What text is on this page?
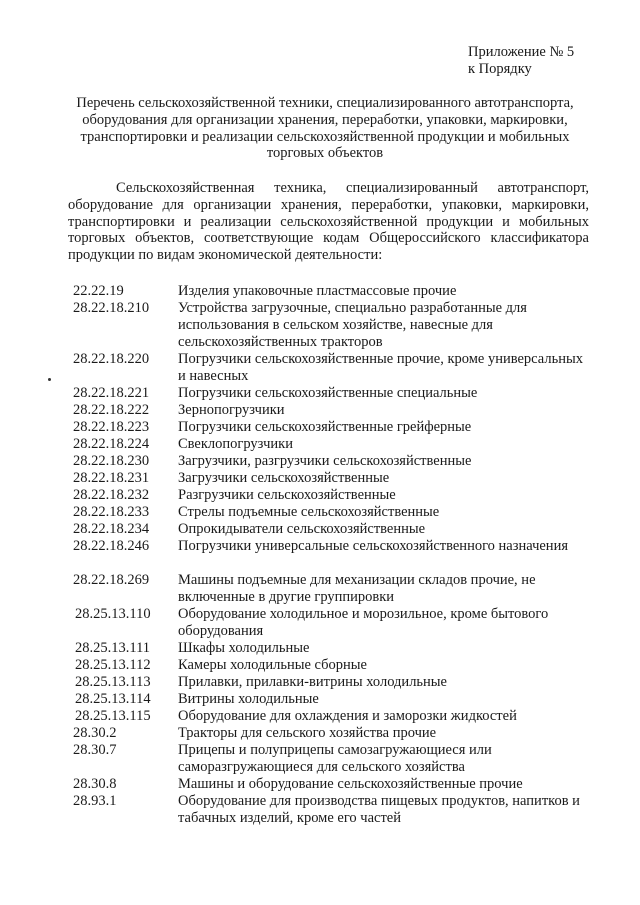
Приложение № 5
к Порядку
Перечень сельскохозяйственной техники, специализированного автотранспорта, оборудования для организации хранения, переработки, упаковки, маркировки, транспортировки и реализации сельскохозяйственной продукции и мобильных торговых объектов
Сельскохозяйственная техника, специализированный автотранспорт, оборудование для организации хранения, переработки, упаковки, маркировки, транспортировки и реализации сельскохозяйственной продукции и мобильных торговых объектов, соответствующие кодам Общероссийского классификатора продукции по видам экономической деятельности:
22.22.19	Изделия упаковочные пластмассовые прочие
28.22.18.210 Устройства загрузочные, специально разработанные для использования в сельском хозяйстве, навесные для сельскохозяйственных тракторов
28.22.18.220 Погрузчики сельскохозяйственные прочие, кроме универсальных и навесных
28.22.18.221 Погрузчики сельскохозяйственные специальные
28.22.18.222 Зернопогрузчики
28.22.18.223 Погрузчики сельскохозяйственные грейферные
28.22.18.224 Свеклопогрузчики
28.22.18.230 Загрузчики, разгрузчики сельскохозяйственные
28.22.18.231 Загрузчики сельскохозяйственные
28.22.18.232 Разгрузчики сельскохозяйственные
28.22.18.233 Стрелы подъемные сельскохозяйственные
28.22.18.234 Опрокидыватели сельскохозяйственные
28.22.18.246 Погрузчики универсальные сельскохозяйственного назначения
28.22.18.269 Машины подъемные для механизации складов прочие, не включенные в другие группировки
28.25.13.110 Оборудование холодильное и морозильное, кроме бытового оборудования
28.25.13.111 Шкафы холодильные
28.25.13.112 Камеры холодильные сборные
28.25.13.113 Прилавки, прилавки-витрины холодильные
28.25.13.114 Витрины холодильные
28.25.13.115 Оборудование для охлаждения и заморозки жидкостей
28.30.2	Тракторы для сельского хозяйства прочие
28.30.7	Прицепы и полуприцепы самозагружающиеся или саморазгружающиеся для сельского хозяйства
28.30.8	Машины и оборудование сельскохозяйственные прочие
28.93.1	Оборудование для производства пищевых продуктов, напитков и табачных изделий, кроме его частей
